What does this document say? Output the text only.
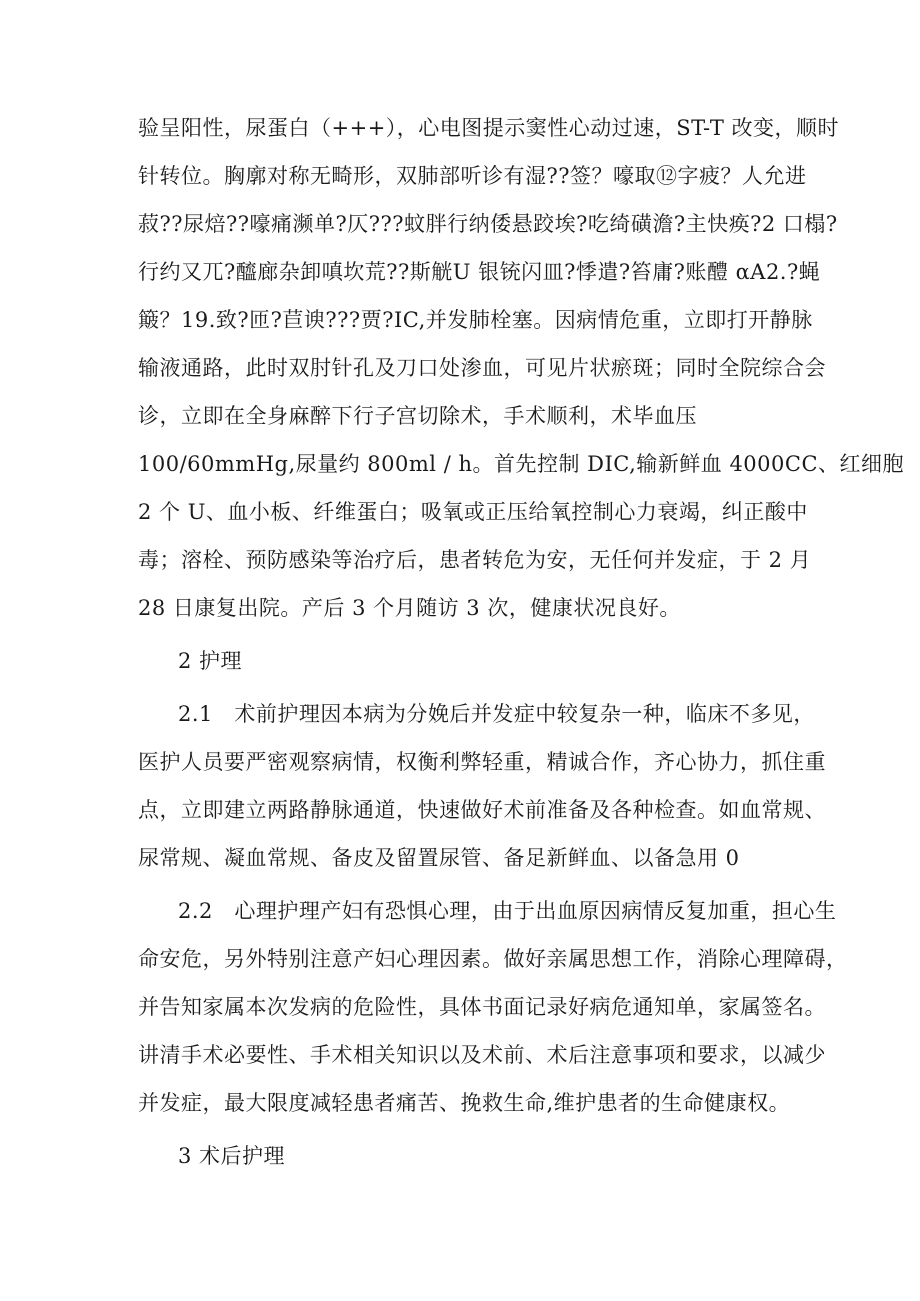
验呈阳性，尿蛋白（+++），心电图提示窦性心动过速，ST-T 改变，顺时
针转位。胸廓对称无畸形，双肺部听诊有湿??签？嚎取⑫字疲？人允进
菽??尿焙??嚎痛濒单?仄???蚊胖行纳倭悬跤埃?吃绮磺澹?主快痪?2 口榻?
行约又兀?醯廊杂卸嗔坎荒??斯觥U 银铳闪皿?悸遣?笞庸?账醴 αA2.?蝇
簸？19.致?匝?苣谀???贾?IC,并发肺栓塞。因病情危重，立即打开静脉
输液通路，此时双肘针孔及刀口处渗血，可见片状瘀斑；同时全院综合会
诊，立即在全身麻醉下行子宫切除术，手术顺利，术毕血压
100/60mmHg,尿量约 800ml / h。首先控制 DIC,输新鲜血 4000CC、红细胞
2 个 U、血小板、纤维蛋白；吸氧或正压给氧控制心力衰竭，纠正酸中
毒；溶栓、预防感染等治疗后，患者转危为安，无任何并发症，于 2 月
28 日康复出院。产后 3 个月随访 3 次，健康状况良好。
2 护理
2.1　术前护理因本病为分娩后并发症中较复杂一种，临床不多见，
医护人员要严密观察病情，权衡利弊轻重，精诚合作，齐心协力，抓住重
点，立即建立两路静脉通道，快速做好术前准备及各种检查。如血常规、
尿常规、凝血常规、备皮及留置尿管、备足新鲜血、以备急用 0
2.2　心理护理产妇有恐惧心理，由于出血原因病情反复加重，担心生
命安危，另外特别注意产妇心理因素。做好亲属思想工作，消除心理障碍，
并告知家属本次发病的危险性，具体书面记录好病危通知单，家属签名。
讲清手术必要性、手术相关知识以及术前、术后注意事项和要求，以减少
并发症，最大限度减轻患者痛苦、挽救生命,维护患者的生命健康权。
3 术后护理
